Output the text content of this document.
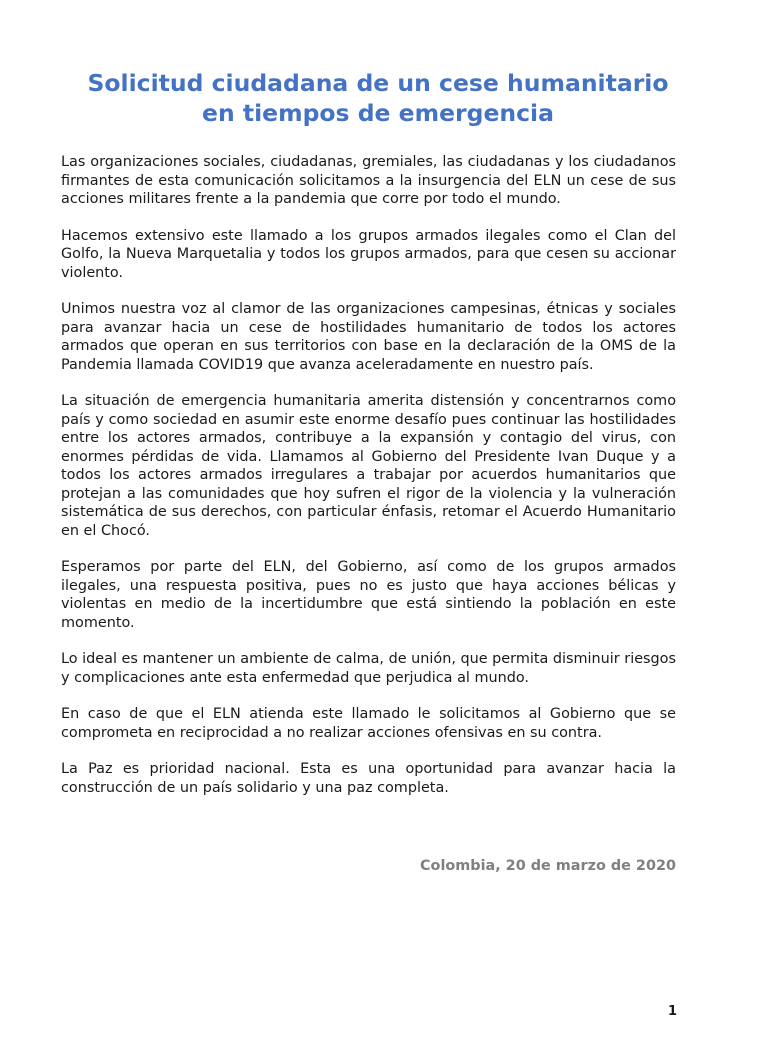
Solicitud ciudadana de un cese humanitario
en tiempos de emergencia

Las organizaciones sociales, ciudadanas, gremiales, las ciudadanas y los ciudadanos firmantes de esta comunicación solicitamos a la insurgencia del ELN un cese de sus acciones militares frente a la pandemia que corre por todo el mundo.

Hacemos extensivo este llamado a los grupos armados ilegales como el Clan del Golfo, la Nueva Marquetalia y todos los grupos armados, para que cesen su accionar violento.

Unimos nuestra voz al clamor de las organizaciones campesinas, étnicas y sociales para avanzar hacia un cese de hostilidades humanitario de todos los actores armados que operan en sus territorios con base en la declaración de la OMS de la Pandemia llamada COVID19 que avanza aceleradamente en nuestro país.

La situación de emergencia humanitaria amerita distensión y concentrarnos como país y como sociedad en asumir este enorme desafío pues continuar las hostilidades entre los actores armados, contribuye a la expansión y contagio del virus, con enormes pérdidas de vida. Llamamos al Gobierno del Presidente Ivan Duque y a todos los actores armados irregulares a trabajar por acuerdos humanitarios que protejan a las comunidades que hoy sufren el rigor de la violencia y la vulneración sistemática de sus derechos, con particular énfasis, retomar el Acuerdo Humanitario en el Chocó.

Esperamos por parte del ELN, del Gobierno, así como de los grupos armados ilegales, una respuesta positiva, pues no es justo que haya acciones bélicas y violentas en medio de la incertidumbre que está sintiendo la población en este momento.

Lo ideal es mantener un ambiente de calma, de unión, que permita disminuir riesgos y complicaciones ante esta enfermedad que perjudica al mundo.

En caso de que el ELN atienda este llamado le solicitamos al Gobierno que se comprometa en reciprocidad a no realizar acciones ofensivas en su contra.

La Paz es prioridad nacional. Esta es una oportunidad para avanzar hacia la construcción de un país solidario y una paz completa.

Colombia, 20 de marzo de 2020
1
